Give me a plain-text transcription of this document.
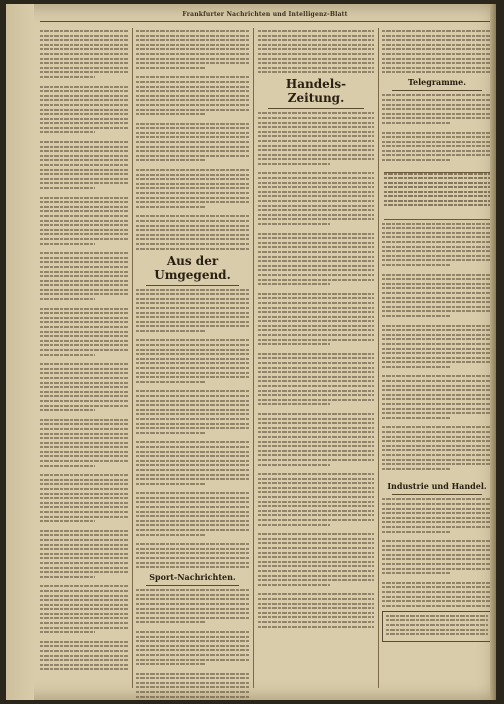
Frankfurter Nachrichten und Intelligenz-Blatt
Aus der Umgegend.
Sport-Nachrichten.
Handels-Zeitung.
Telegramme.
Industrie und Handel.
